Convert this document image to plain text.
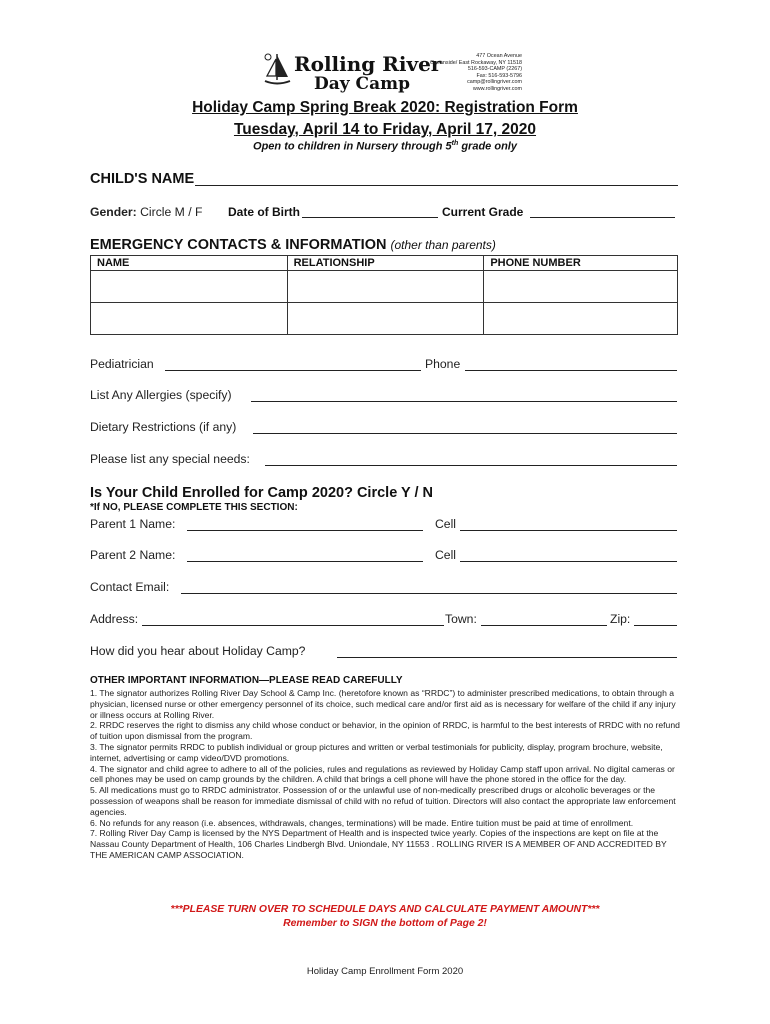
Rolling River
Day Camp
477 Ocean Avenue
Oceanside/ East Rockaway, NY 11518
516-593-CAMP (2267)
Fax: 516-593-5796
camp@rollingriver.com
www.rollingriver.com
Holiday Camp Spring Break 2020: Registration Form
Tuesday, April 14 to Friday, April 17, 2020
Open to children in Nursery through 5th grade only
CHILD'S NAME
Gender: Circle M / F Date of Birth	Current Grade
EMERGENCY CONTACTS & INFORMATION (other than parents)
NAME	RELATIONSHIP	PHONE NUMBER

Pediatrician	Phone
List Any Allergies (specify)
Dietary Restrictions (if any)
Please list any special needs:
Is Your Child Enrolled for Camp 2020? Circle Y / N
*If NO, PLEASE COMPLETE THIS SECTION:
Parent 1 Name:	Cell
Parent 2 Name:	Cell
Contact Email:
Address:	Town:	Zip:
How did you hear about Holiday Camp?
OTHER IMPORTANT INFORMATION—PLEASE READ CAREFULLY

1. The signator authorizes Rolling River Day School & Camp Inc. (heretofore known as “RRDC”) to administer prescribed medications, to obtain through a physician, licensed nurse or other emergency personnel of its choice, such medical care and/or first aid as is necessary for welfare of the child if any injury or illness occurs at Rolling River.

2. RRDC reserves the right to dismiss any child whose conduct or behavior, in the opinion of RRDC, is harmful to the best interests of RRDC with no refund of tuition upon dismissal from the program.

3. The signator permits RRDC to publish individual or group pictures and written or verbal testimonials for publicity, display, program brochure, website, internet, advertising or camp video/DVD promotions.

4. The signator and child agree to adhere to all of the policies, rules and regulations as reviewed by Holiday Camp staff upon arrival. No digital cameras or cell phones may be used on camp grounds by the children. A child that brings a cell phone will have the phone stored in the office for the day.

5. All medications must go to RRDC administrator. Possession of or the unlawful use of non-medically prescribed drugs or alcoholic beverages or the possession of weapons shall be reason for immediate dismissal of child with no refud of tuition. Directors will also contact the appropriate law enforcement agencies.

6. No refunds for any reason (i.e. absences, withdrawals, changes, terminations) will be made. Entire tuition must be paid at time of enrollment.

7. Rolling River Day Camp is licensed by the NYS Department of Health and is inspected twice yearly. Copies of the inspections are kept on file at the Nassau County Department of Health, 106 Charles Lindbergh Blvd. Uniondale, NY 11553 . ROLLING RIVER IS A MEMBER OF AND ACCREDITED BY THE AMERICAN CAMP ASSOCIATION.

***PLEASE TURN OVER TO SCHEDULE DAYS AND CALCULATE PAYMENT AMOUNT***
Remember to SIGN the bottom of Page 2!
Holiday Camp Enrollment Form 2020
